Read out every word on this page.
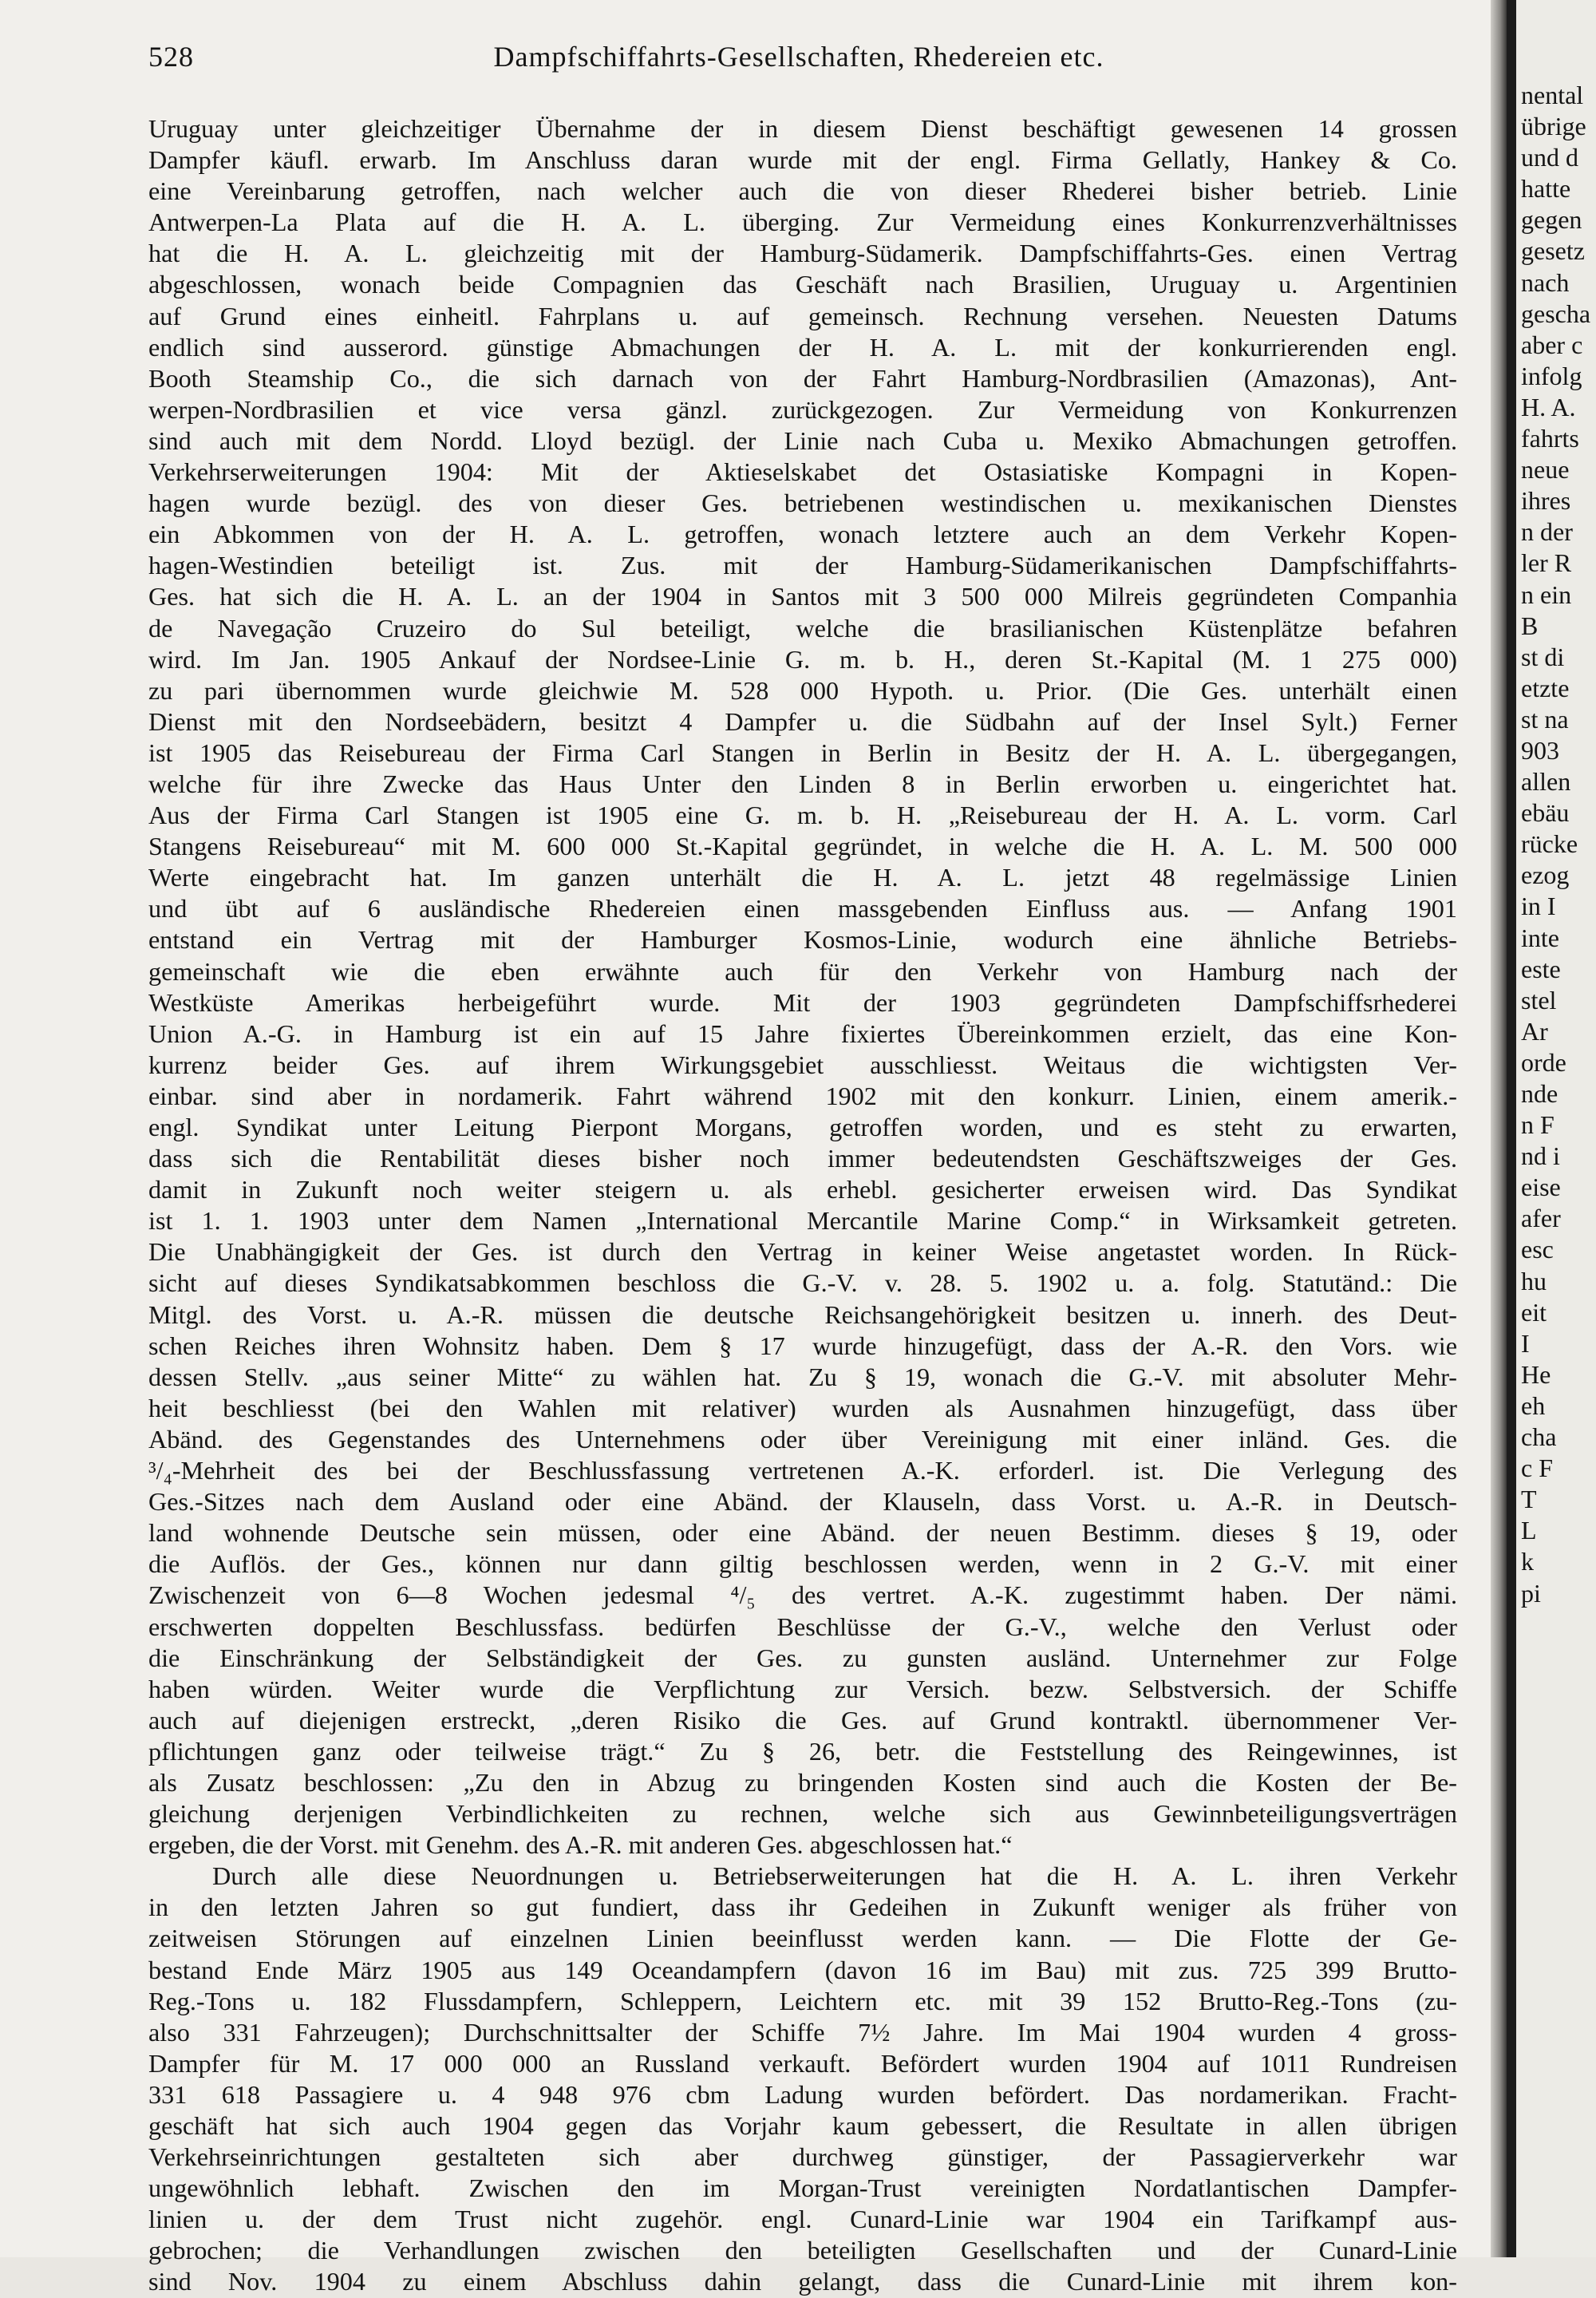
528	Dampfschiffahrts-Gesellschaften, Rhedereien etc.
Uruguay unter gleichzeitiger Übernahme der in diesem Dienst beschäftigt gewesenen 14 grossen
Dampfer käufl. erwarb. Im Anschluss daran wurde mit der engl. Firma Gellatly, Hankey & Co.
eine Vereinbarung getroffen, nach welcher auch die von dieser Rhederei bisher betrieb. Linie
Antwerpen-La Plata auf die H. A. L. überging. Zur Vermeidung eines Konkurrenzverhältnisses
hat die H. A. L. gleichzeitig mit der Hamburg-Südamerik. Dampfschiffahrts-Ges. einen Vertrag
abgeschlossen, wonach beide Compagnien das Geschäft nach Brasilien, Uruguay u. Argentinien
auf Grund eines einheitl. Fahrplans u. auf gemeinsch. Rechnung versehen. Neuesten Datums
endlich sind ausserord. günstige Abmachungen der H. A. L. mit der konkurrierenden engl.
Booth Steamship Co., die sich darnach von der Fahrt Hamburg-Nordbrasilien (Amazonas), Ant-
werpen-Nordbrasilien et vice versa gänzl. zurückgezogen. Zur Vermeidung von Konkurrenzen
sind auch mit dem Nordd. Lloyd bezügl. der Linie nach Cuba u. Mexiko Abmachungen getroffen.
Verkehrserweiterungen 1904: Mit der Aktieselskabet det Ostasiatiske Kompagni in Kopen-
hagen wurde bezügl. des von dieser Ges. betriebenen westindischen u. mexikanischen Dienstes
ein Abkommen von der H. A. L. getroffen, wonach letztere auch an dem Verkehr Kopen-
hagen-Westindien beteiligt ist. Zus. mit der Hamburg-Südamerikanischen Dampfschiffahrts-
Ges. hat sich die H. A. L. an der 1904 in Santos mit 3 500 000 Milreis gegründeten Companhia
de Navegação Cruzeiro do Sul beteiligt, welche die brasilianischen Küstenplätze befahren
wird. Im Jan. 1905 Ankauf der Nordsee-Linie G. m. b. H., deren St.-Kapital (M. 1 275 000)
zu pari übernommen wurde gleichwie M. 528 000 Hypoth. u. Prior. (Die Ges. unterhält einen
Dienst mit den Nordseebädern, besitzt 4 Dampfer u. die Südbahn auf der Insel Sylt.) Ferner
ist 1905 das Reisebureau der Firma Carl Stangen in Berlin in Besitz der H. A. L. übergegangen,
welche für ihre Zwecke das Haus Unter den Linden 8 in Berlin erworben u. eingerichtet hat.
Aus der Firma Carl Stangen ist 1905 eine G. m. b. H. „Reisebureau der H. A. L. vorm. Carl
Stangens Reisebureau“ mit M. 600 000 St.-Kapital gegründet, in welche die H. A. L. M. 500 000
Werte eingebracht hat. Im ganzen unterhält die H. A. L. jetzt 48 regelmässige Linien
und übt auf 6 ausländische Rhedereien einen massgebenden Einfluss aus. — Anfang 1901
entstand ein Vertrag mit der Hamburger Kosmos-Linie, wodurch eine ähnliche Betriebs-
gemeinschaft wie die eben erwähnte auch für den Verkehr von Hamburg nach der
Westküste Amerikas herbeigeführt wurde. Mit der 1903 gegründeten Dampfschiffsrhederei
Union A.-G. in Hamburg ist ein auf 15 Jahre fixiertes Übereinkommen erzielt, das eine Kon-
kurrenz beider Ges. auf ihrem Wirkungsgebiet ausschliesst. Weitaus die wichtigsten Ver-
einbar. sind aber in nordamerik. Fahrt während 1902 mit den konkurr. Linien, einem amerik.-
engl. Syndikat unter Leitung Pierpont Morgans, getroffen worden, und es steht zu erwarten,
dass sich die Rentabilität dieses bisher noch immer bedeutendsten Geschäftszweiges der Ges.
damit in Zukunft noch weiter steigern u. als erhebl. gesicherter erweisen wird. Das Syndikat
ist 1. 1. 1903 unter dem Namen „International Mercantile Marine Comp.“ in Wirksamkeit getreten.
Die Unabhängigkeit der Ges. ist durch den Vertrag in keiner Weise angetastet worden. In Rück-
sicht auf dieses Syndikatsabkommen beschloss die G.-V. v. 28. 5. 1902 u. a. folg. Statutänd.: Die
Mitgl. des Vorst. u. A.-R. müssen die deutsche Reichsangehörigkeit besitzen u. innerh. des Deut-
schen Reiches ihren Wohnsitz haben. Dem § 17 wurde hinzugefügt, dass der A.-R. den Vors. wie
dessen Stellv. „aus seiner Mitte“ zu wählen hat. Zu § 19, wonach die G.-V. mit absoluter Mehr-
heit beschliesst (bei den Wahlen mit relativer) wurden als Ausnahmen hinzugefügt, dass über
Abänd. des Gegenstandes des Unternehmens oder über Vereinigung mit einer inländ. Ges. die
³/₄-Mehrheit des bei der Beschlussfassung vertretenen A.-K. erforderl. ist. Die Verlegung des
Ges.-Sitzes nach dem Ausland oder eine Abänd. der Klauseln, dass Vorst. u. A.-R. in Deutsch-
land wohnende Deutsche sein müssen, oder eine Abänd. der neuen Bestimm. dieses § 19, oder
die Auflös. der Ges., können nur dann giltig beschlossen werden, wenn in 2 G.-V. mit einer
Zwischenzeit von 6—8 Wochen jedesmal ⁴/₅ des vertret. A.-K. zugestimmt haben. Der nämi.
erschwerten doppelten Beschlussfass. bedürfen Beschlüsse der G.-V., welche den Verlust oder
die Einschränkung der Selbständigkeit der Ges. zu gunsten ausländ. Unternehmer zur Folge
haben würden. Weiter wurde die Verpflichtung zur Versich. bezw. Selbstversich. der Schiffe
auch auf diejenigen erstreckt, „deren Risiko die Ges. auf Grund kontraktl. übernommener Ver-
pflichtungen ganz oder teilweise trägt.“ Zu § 26, betr. die Feststellung des Reingewinnes, ist
als Zusatz beschlossen: „Zu den in Abzug zu bringenden Kosten sind auch die Kosten der Be-
gleichung derjenigen Verbindlichkeiten zu rechnen, welche sich aus Gewinnbeteiligungsverträgen
ergeben, die der Vorst. mit Genehm. des A.-R. mit anderen Ges. abgeschlossen hat.“
Durch alle diese Neuordnungen u. Betriebserweiterungen hat die H. A. L. ihren Verkehr
in den letzten Jahren so gut fundiert, dass ihr Gedeihen in Zukunft weniger als früher von
zeitweisen Störungen auf einzelnen Linien beeinflusst werden kann. — Die Flotte der Ge-
bestand Ende März 1905 aus 149 Oceandampfern (davon 16 im Bau) mit zus. 725 399 Brutto-
Reg.-Tons u. 182 Flussdampfern, Schleppern, Leichtern etc. mit 39 152 Brutto-Reg.-Tons (zu-
also 331 Fahrzeugen); Durchschnittsalter der Schiffe 7½ Jahre. Im Mai 1904 wurden 4 gross-
Dampfer für M. 17 000 000 an Russland verkauft. Befördert wurden 1904 auf 1011 Rundreisen
331 618 Passagiere u. 4 948 976 cbm Ladung wurden befördert. Das nordamerikan. Fracht-
geschäft hat sich auch 1904 gegen das Vorjahr kaum gebessert, die Resultate in allen übrigen
Verkehrseinrichtungen gestalteten sich aber durchweg günstiger, der Passagierverkehr war
ungewöhnlich lebhaft. Zwischen den im Morgan-Trust vereinigten Nordatlantischen Dampfer-
linien u. der dem Trust nicht zugehör. engl. Cunard-Linie war 1904 ein Tarifkampf aus-
gebrochen; die Verhandlungen zwischen den beteiligten Gesellschaften und der Cunard-Linie
sind Nov. 1904 zu einem Abschluss dahin gelangt, dass die Cunard-Linie mit ihrem kon-
nental
übrige
und d
hatte
gegen
gesetz
nach
gescha
aber c
infolg
H. A.
fahrts
neue
ihres
n der
ler R
n ein
B
st di
etzte
st na
903
allen
ebäu
rücke
ezog
in I
inte
este
stel
Ar
orde
nde
n F
nd i
eise
afer
esc
hu
eit
I
He
eh
cha
c F
T
L
k
pi
